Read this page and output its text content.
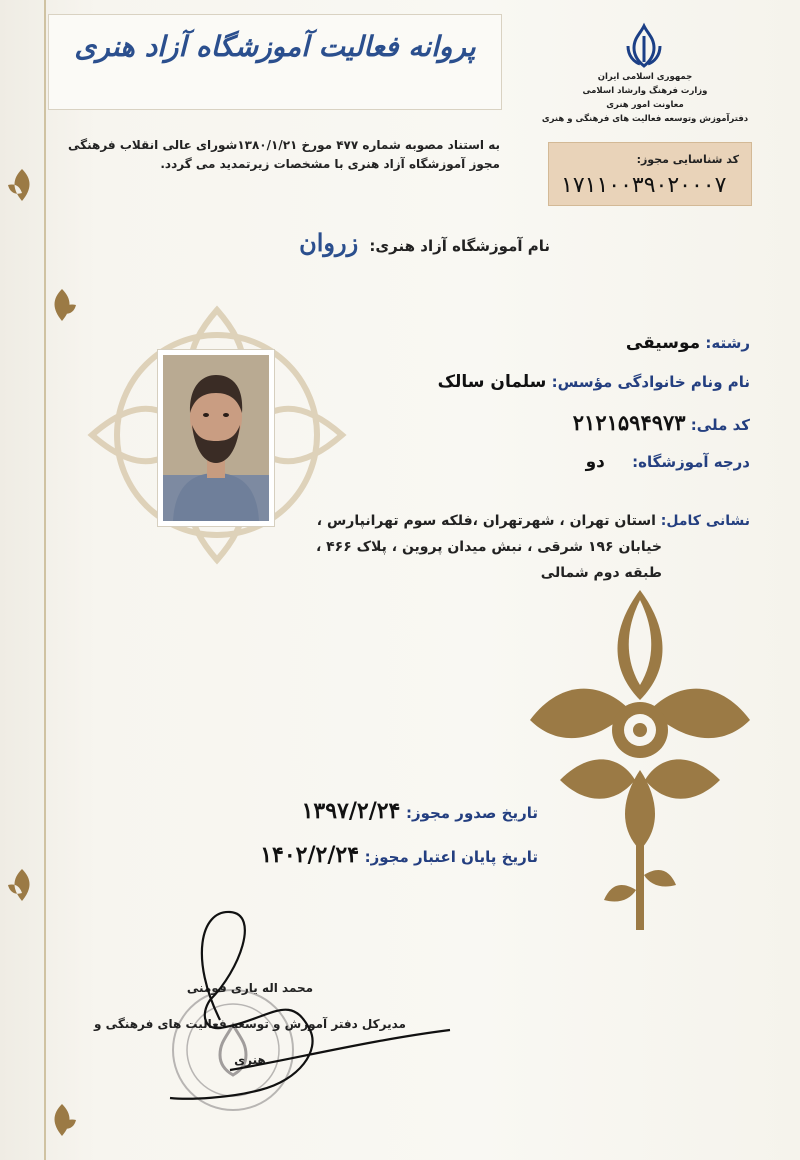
پروانه فعالیت آموزشگاه آزاد هنری
جمهوری اسلامی ایران
وزارت فرهنگ وارشاد اسلامی
معاونت امور هنری
دفترآموزش وتوسعه فعالیت های فرهنگی و هنری
کد شناسایی مجوز:
۱۷۱۱۰۰۳۹۰۲۰۰۰۷
به استناد مصوبه شماره ۴۷۷ مورخ ۱۳۸۰/۱/۲۱شورای عالی انقلاب فرهنگی
مجوز آموزشگاه آزاد هنری با مشخصات زیرتمدید می گردد.
نام آموزشگاه آزاد هنری: زروان
رشته: موسیقی
نام ونام خانوادگی مؤسس: سلمان سالک
کد ملی: ۲۱۲۱۵۹۴۹۷۳
درجه آموزشگاه: دو
نشانی کامل: استان تهران ، شهرتهران ،فلکه سوم تهرانپارس ،
خیابان ۱۹۶ شرقی ، نبش میدان پروین ، پلاک ۴۶۶ ،
طبقه دوم شمالی
تاریخ صدور مجوز: ۱۳۹۷/۲/۲۴
تاریخ پایان اعتبار مجوز: ۱۴۰۲/۲/۲۴
محمد اله یاری فومنی
مدیرکل دفتر آموزش و توسعه فعالیت های فرهنگی و هنری
